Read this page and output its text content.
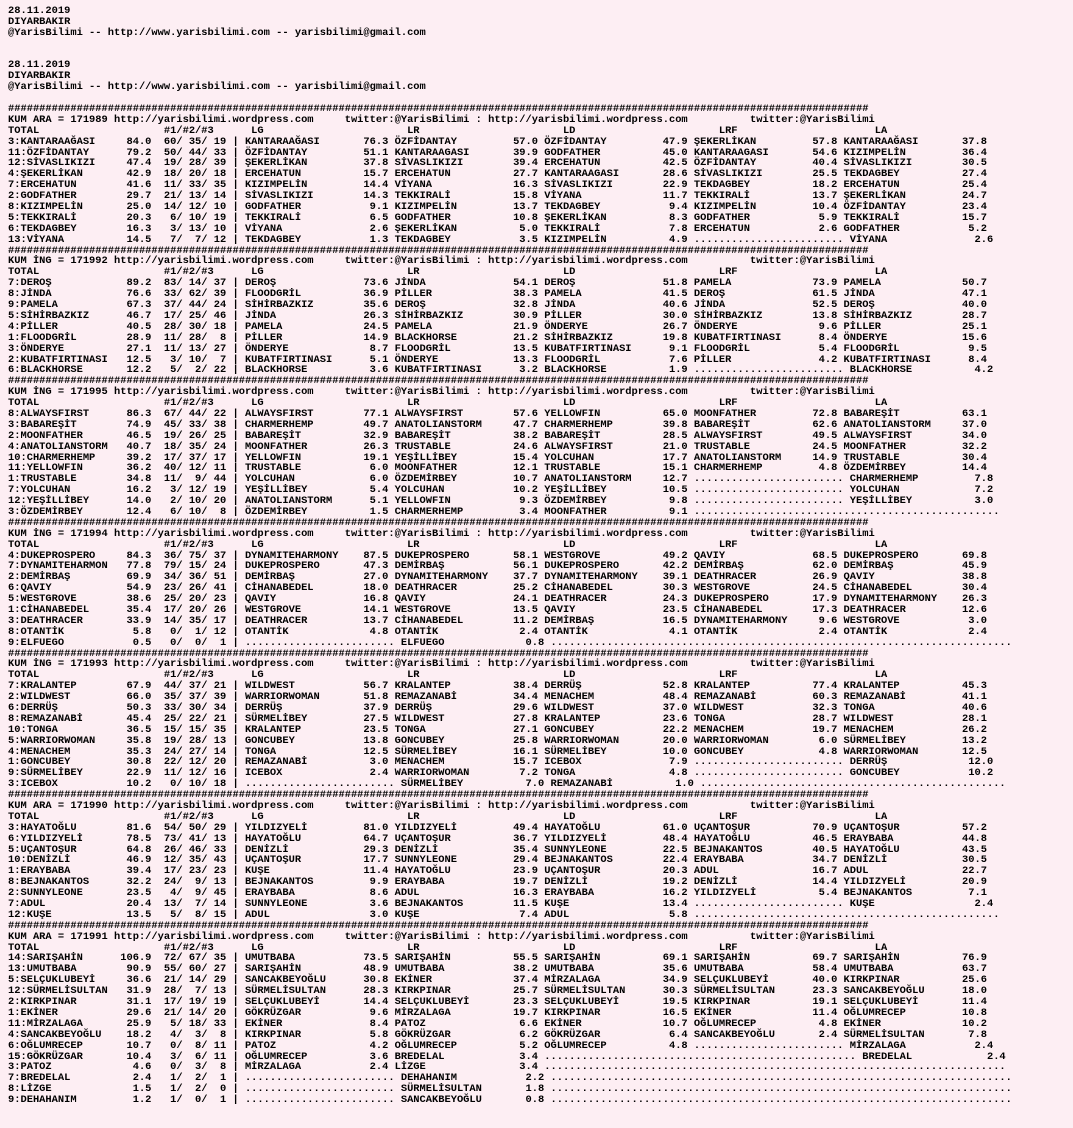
28.11.2019
DIYARBAKIR
@YarisBilimi -- http://www.yarisbilimi.com -- yarisbilimi@gmail.com

28.11.2019
DIYARBAKIR
@YarisBilimi -- http://www.yarisbilimi.com -- yarisbilimi@gmail.com

##########################################################################################################################################
KUM ARA = 171989 http://yarisbilimi.wordpress.com     twitter:@YarisBilimi : http://yarisbilimi.wordpress.com          twitter:@YarisBilimi
TOTAL                    #1/#2/#3      LG                       LR                       LD                       LRF                      LA
3:KANTARAAĞASI     84.0  60/ 35/ 19 | KANTARAAĞASI       76.3 ÖZFİDANTAY         57.0 ÖZFİDANTAY         47.9 ŞEKERLİKAN         57.8 KANTARAAĞASI       37.8
11:ÖZFİDANTAY      79.2  50/ 44/ 33 | ÖZFİDANTAY         51.1 KANTARAAGASI       39.9 GODFATHER          45.0 KANTARAAGASI       54.6 KIZIMPELİN         36.4
12:SİVASLIKIZI     47.4  19/ 28/ 39 | ŞEKERLİKAN         37.8 SİVASLIKIZI        39.4 ERCEHATUN          42.5 ÖZFİDANTAY         40.4 SİVASLIKIZI        30.5
4:ŞEKERLİKAN       42.9  18/ 20/ 18 | ERCEHATUN          15.7 ERCEHATUN          27.7 KANTARAAGASI       28.6 SİVASLIKIZI        25.5 TEKDAGBEY          27.4
7:ERCEHATUN        41.6  11/ 33/ 35 | KIZIMPELİN         14.4 VİYANA             16.3 SİVASLIKIZI        22.9 TEKDAGBEY          18.2 ERCEHATUN          25.4
2:GODFATHER        29.7  21/ 13/ 14 | SİVASLIKIZI        14.3 TEKKIRALİ          15.8 VİYANA             11.7 TEKKIRALİ          13.7 ŞEKERLİKAN         24.7
8:KIZIMPELİN       25.0  14/ 12/ 10 | GODFATHER           9.1 KIZIMPELİN         13.7 TEKDAGBEY           9.4 KIZIMPELİN         10.4 ÖZFİDANTAY         23.4
5:TEKKIRALİ        20.3   6/ 10/ 19 | TEKKIRALİ           6.5 GODFATHER          10.8 ŞEKERLİKAN          8.3 GODFATHER           5.9 TEKKIRALİ          15.7
6:TEKDAGBEY        16.3   3/ 13/ 10 | VİYANA              2.6 ŞEKERLİKAN          5.0 TEKKIRALİ           7.8 ERCEHATUN           2.6 GODFATHER           5.2
13:VİYANA          14.5   7/  7/ 12 | TEKDAGBEY           1.3 TEKDAGBEY           3.5 KIZIMPELİN          4.9 ........................ VİYANA              2.6
##########################################################################################################################################
KUM İNG = 171992 http://yarisbilimi.wordpress.com     twitter:@YarisBilimi : http://yarisbilimi.wordpress.com          twitter:@YarisBilimi
TOTAL                    #1/#2/#3      LG                       LR                       LD                       LRF                      LA
7:DEROŞ            89.2  83/ 14/ 37 | DEROŞ              73.6 JİNDA              54.1 DEROŞ              51.8 PAMELA             73.9 PAMELA             50.7
8:JİNDA            76.6  33/ 62/ 39 | FLOODGRİL          36.9 PİLLER             38.3 PAMELA             41.5 DEROŞ              61.5 JİNDA              47.1
9:PAMELA           67.3  37/ 44/ 24 | SİHİRBAZKIZ        35.6 DEROŞ              32.8 JİNDA              40.6 JİNDA              52.5 DEROŞ              40.0
5:SİHİRBAZKIZ      46.7  17/ 25/ 46 | JİNDA              26.3 SİHİRBAZKIZ        30.9 PİLLER             30.0 SİHİRBAZKIZ        13.8 SİHİRBAZKIZ        28.7
4:PİLLER           40.5  28/ 30/ 18 | PAMELA             24.5 PAMELA             21.9 ÖNDERYE            26.7 ÖNDERYE             9.6 PİLLER             25.1
1:FLOODGRİL        28.9  11/ 28/  8 | PİLLER             14.9 BLACKHORSE         21.2 SİHİRBAZKIZ        19.8 KUBATFIRTINASI      8.4 ÖNDERYE            15.6
3:ÖNDERYE          27.1  11/ 13/ 27 | ÖNDERYE             8.7 FLOODGRİL          13.5 KUBATFIRTINASI      9.1 FLOODGRİL           5.4 FLOODGRİL           9.5
2:KUBATFIRTINASI   12.5   3/ 10/  7 | KUBATFIRTINASI      5.1 ÖNDERYE            13.3 FLOODGRİL           7.6 PİLLER              4.2 KUBATFIRTINASI      8.4
6:BLACKHORSE       12.2   5/  2/ 22 | BLACKHORSE          3.6 KUBATFIRTINASI      3.2 BLACKHORSE          1.9 ........................ BLACKHORSE          4.2
##########################################################################################################################################
KUM İNG = 171995 http://yarisbilimi.wordpress.com     twitter:@YarisBilimi : http://yarisbilimi.wordpress.com          twitter:@YarisBilimi
TOTAL                    #1/#2/#3      LG                       LR                       LD                       LRF                      LA
8:ALWAYSFIRST      86.3  67/ 44/ 22 | ALWAYSFIRST        77.1 ALWAYSFIRST        57.6 YELLOWFIN          65.0 MOONFATHER         72.8 BABAREŞİT          63.1
3:BABAREŞİT        74.9  45/ 33/ 38 | CHARMERHEMP        49.7 ANATOLIANSTORM     47.7 CHARMERHEMP        39.8 BABAREŞİT          62.6 ANATOLIANSTORM     37.0
2:MOONFATHER       46.5  19/ 26/ 25 | BABAREŞİT          32.9 BABAREŞİT          38.2 BABAREŞİT          28.5 ALWAYSFIRST        49.5 ALWAYSFIRST        34.0
4:ANATOLIANSTORM   40.7  18/ 35/ 24 | MOONFATHER         26.3 TRUSTABLE          24.6 ALWAYSFIRST        21.0 TRUSTABLE          24.5 MOONFATHER         32.2
10:CHARMERHEMP     39.2  17/ 37/ 17 | YELLOWFIN          19.1 YEŞİLLİBEY         15.4 YOLCUHAN           17.7 ANATOLIANSTORM     14.9 TRUSTABLE          30.4
11:YELLOWFIN       36.2  40/ 12/ 11 | TRUSTABLE           6.0 MOONFATHER         12.1 TRUSTABLE          15.1 CHARMERHEMP         4.8 ÖZDEMİRBEY         14.4
1:TRUSTABLE        34.8  11/  9/ 44 | YOLCUHAN            6.0 ÖZDEMİRBEY         10.7 ANATOLIANSTORM     12.7 ........................ CHARMERHEMP         7.8
7:YOLCUHAN         16.2   3/ 12/ 19 | YEŞİLLİBEY          5.4 YOLCUHAN           10.2 YEŞİLLİBEY         10.5 ........................ YOLCUHAN            7.2
12:YEŞİLLİBEY      14.0   2/ 10/ 20 | ANATOLIANSTORM      5.1 YELLOWFIN           9.3 ÖZDEMİRBEY          9.8 ........................ YEŞİLLİBEY          3.0
3:ÖZDEMİRBEY       12.4   6/ 10/  8 | ÖZDEMİRBEY          1.5 CHARMERHEMP         3.4 MOONFATHER          9.1 .................................................
##########################################################################################################################################
KUM İNG = 171994 http://yarisbilimi.wordpress.com     twitter:@YarisBilimi : http://yarisbilimi.wordpress.com          twitter:@YarisBilimi
TOTAL                    #1/#2/#3      LG                       LR                       LD                       LRF                      LA
4:DUKEPROSPERO     84.3  36/ 75/ 37 | DYNAMITEHARMONY    87.5 DUKEPROSPERO       58.1 WESTGROVE          49.2 QAVIY              68.5 DUKEPROSPERO       69.8
7:DYNAMITEHARMON   77.8  79/ 15/ 24 | DUKEPROSPERO       47.3 DEMİRBAŞ           56.1 DUKEPROSPERO       42.2 DEMİRBAŞ           62.0 DEMİRBAŞ           45.9
2:DEMİRBAŞ         69.9  34/ 36/ 51 | DEMİRBAŞ           27.0 DYNAMITEHARMONY    37.7 DYNAMITEHARMONY    39.1 DEATHRACER         26.9 QAVIY              38.8
6:QAVIY            54.9  23/ 26/ 41 | CİHANABEDEL        18.0 DEATHRACER         25.2 CİHANABEDEL        30.3 WESTGROVE          24.5 CİHANABEDEL        30.4
5:WESTGROVE        38.6  25/ 20/ 23 | QAVIY              16.8 QAVIY              24.1 DEATHRACER         24.3 DUKEPROSPERO       17.9 DYNAMITEHARMONY    26.3
1:CİHANABEDEL      35.4  17/ 20/ 26 | WESTGROVE          14.1 WESTGROVE          13.5 QAVIY              23.5 CİHANABEDEL        17.3 DEATHRACER         12.6
3:DEATHRACER       33.9  14/ 35/ 17 | DEATHRACER         13.7 CİHANABEDEL        11.2 DEMİRBAŞ           16.5 DYNAMITEHARMONY     9.6 WESTGROVE           3.0
8:OTANTİK           5.8   0/  1/ 12 | OTANTİK             4.8 OTANTİK             2.4 OTANTİK             4.1 OTANTİK             2.4 OTANTİK             2.4
9:ELFUEGO           0.5   0/  0/  1 | ........................ ELFUEGO             0.8 ..........................................................................
##########################################################################################################################################
KUM İNG = 171993 http://yarisbilimi.wordpress.com     twitter:@YarisBilimi : http://yarisbilimi.wordpress.com          twitter:@YarisBilimi
TOTAL                    #1/#2/#3      LG                       LR                       LD                       LRF                      LA
7:KRALANTEP        67.9  44/ 37/ 21 | WILDWEST           56.7 KRALANTEP          38.4 DERRÜŞ             52.8 KRALANTEP          77.4 KRALANTEP          45.3
2:WILDWEST         66.0  35/ 37/ 39 | WARRIORWOMAN       51.8 REMAZANABİ         34.4 MENACHEM           48.4 REMAZANABİ         60.3 REMAZANABİ         41.1
6:DERRÜŞ           50.3  33/ 30/ 34 | DERRÜŞ             37.9 DERRÜŞ             29.6 WILDWEST           37.0 WILDWEST           32.3 TONGA              40.6
8:REMAZANABİ       45.4  25/ 22/ 21 | SÜRMELİBEY         27.5 WILDWEST           27.8 KRALANTEP          23.6 TONGA              28.7 WILDWEST           28.1
10:TONGA           36.5  15/ 15/ 35 | KRALANTEP          23.5 TONGA              27.1 GONCUBEY           22.2 MENACHEM           19.7 MENACHEM           26.2
5:WARRIORWOMAN     35.8  19/ 28/ 13 | GONCUBEY           13.8 GONCUBEY           25.8 WARRIORWOMAN       20.0 WARRIORWOMAN        6.0 SÜRMELİBEY         13.2
4:MENACHEM         35.3  24/ 27/ 14 | TONGA              12.5 SÜRMELİBEY         16.1 SÜRMELİBEY         10.0 GONCUBEY            4.8 WARRIORWOMAN       12.5
1:GONCUBEY         30.8  22/ 12/ 20 | REMAZANABİ          3.0 MENACHEM           15.7 ICEBOX              7.9 ........................ DERRÜŞ             12.0
9:SÜRMELİBEY       22.9  11/ 12/ 16 | ICEBOX              2.4 WARRIORWOMAN        7.2 TONGA               4.8 ........................ GONCUBEY           10.2
3:ICEBOX           10.2   0/ 10/ 18 | ........................ SÜRMELİBEY          7.0 REMAZANABİ          1.0 .................................................
##########################################################################################################################################
KUM ARA = 171990 http://yarisbilimi.wordpress.com     twitter:@YarisBilimi : http://yarisbilimi.wordpress.com          twitter:@YarisBilimi
TOTAL                    #1/#2/#3      LG                       LR                       LD                       LRF                      LA
3:HAYATOĞLU        81.6  54/ 50/ 29 | YILDIZYELİ         81.0 YILDIZYELİ         49.4 HAYATOĞLU          61.0 UÇANTOŞUR          70.9 UÇANTOŞUR          57.2
6:YILDIZYELİ       78.5  73/ 41/ 13 | HAYATOĞLU          64.7 UÇANTOŞUR          36.7 YILDIZYELİ         48.4 HAYATOĞLU          46.5 ERAYBABA           44.8
5:UÇANTOŞUR        64.8  26/ 46/ 33 | DENİZLİ            29.3 DENİZLİ            35.4 SUNNYLEONE         22.5 BEJNAKANTOS        40.5 HAYATOĞLU          43.5
10:DENİZLİ         46.9  12/ 35/ 43 | UÇANTOŞUR          17.7 SUNNYLEONE         29.4 BEJNAKANTOS        22.4 ERAYBABA           34.7 DENİZLİ            30.5
1:ERAYBABA         39.4  17/ 23/ 23 | KUŞE               11.4 HAYATOĞLU          23.9 UÇANTOŞUR          20.3 ADUL               16.7 ADUL               22.7
8:BEJNAKANTOS      32.2  24/  9/ 13 | BEJNAKANTOS         9.9 ERAYBABA           19.7 DENİZLİ            19.2 DENİZLİ            14.4 YILDIZYELİ         20.9
2:SUNNYLEONE       23.5   4/  9/ 45 | ERAYBABA            8.6 ADUL               16.3 ERAYBABA           16.2 YILDIZYELİ          5.4 BEJNAKANTOS         7.1
7:ADUL             20.4  13/  7/ 14 | SUNNYLEONE          3.6 BEJNAKANTOS        11.5 KUŞE               13.4 ........................ KUŞE                2.4
12:KUŞE            13.5   5/  8/ 15 | ADUL                3.0 KUŞE                7.4 ADUL                5.8 .................................................
##########################################################################################################################################
KUM ARA = 171991 http://yarisbilimi.wordpress.com     twitter:@YarisBilimi : http://yarisbilimi.wordpress.com          twitter:@YarisBilimi
TOTAL                    #1/#2/#3      LG                       LR                       LD                       LRF                      LA
14:SARIŞAHİN      106.9  72/ 67/ 35 | UMUTBABA           73.5 SARIŞAHİN          55.5 SARIŞAHİN          69.1 SARIŞAHİN          69.7 SARIŞAHİN          76.9
13:UMUTBABA        90.9  55/ 60/ 27 | SARIŞAHİN          48.9 UMUTBABA           38.2 UMUTBABA           35.6 UMUTBABA           58.4 UMUTBABA           63.7
5:SELÇUKLUBEYİ     36.6  21/ 14/ 29 | SANCAKBEYOĞLU      30.8 EKİNER             37.4 MİRZALAGA          34.9 SELÇUKLUBEYİ       40.0 KIRKPINAR          25.6
12:SÜRMELİSULTAN   31.9  28/  7/ 13 | SÜRMELİSULTAN      28.3 KIRKPINAR          25.7 SÜRMELİSULTAN      30.3 SÜRMELİSULTAN      23.3 SANCAKBEYOĞLU      18.0
2:KIRKPINAR        31.1  17/ 19/ 19 | SELÇUKLUBEYİ       14.4 SELÇUKLUBEYİ       23.3 SELÇUKLUBEYİ       19.5 KIRKPINAR          19.1 SELÇUKLUBEYİ       11.4
1:EKİNER           29.6  21/ 14/ 20 | GÖKRÜZGAR           9.6 MİRZALAGA          19.7 KIRKPINAR          16.5 EKİNER             11.4 OĞLUMRECEP         10.8
11:MİRZALAGA       25.9   5/ 18/ 33 | EKİNER              8.4 PATOZ               6.6 EKİNER             10.7 OĞLUMRECEP          4.8 EKİNER             10.2
4:SANCAKBEYOĞLU    18.2   4/  3/  8 | KIRKPINAR           5.8 GÖKRÜZGAR           6.2 GÖKRÜZGAR           6.4 SANCAKBEYOĞLU       2.4 SÜRMELİSULTAN       7.8
6:OĞLUMRECEP       10.7   0/  8/ 11 | PATOZ               4.2 OĞLUMRECEP          5.2 OĞLUMRECEP          4.8 ........................ MİRZALAGA           2.4
15:GÖKRÜZGAR       10.4   3/  6/ 11 | OĞLUMRECEP          3.6 BREDELAL            3.4 .................................................. BREDELAL            2.4
3:PATOZ             4.6   0/  3/  8 | MİRZALAGA           2.4 LİZGE               3.4 ..........................................................................
7:BREDELAL          2.4   1/  2/  1 | ........................ DEHAHANIM           2.2 ..........................................................................
8:LİZGE             1.5   1/  2/  0 | ........................ SÜRMELİSULTAN       1.8 ..........................................................................
9:DEHAHANIM         1.2   1/  0/  1 | ........................ SANCAKBEYOĞLU       0.8 ..........................................................................
